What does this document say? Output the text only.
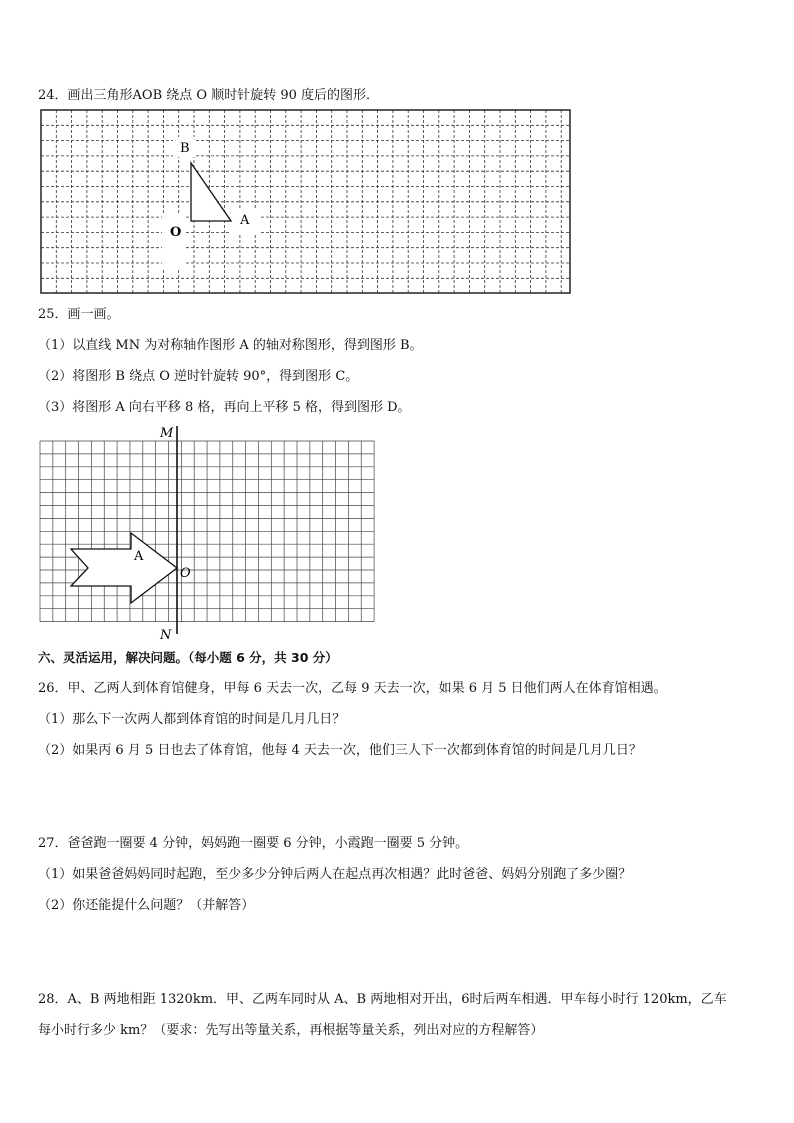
24．画出三角形AOB 绕点 O 顺时针旋转 90 度后的图形．
B
A
O
25．画一画。
（1）以直线 MN 为对称轴作图形 A 的轴对称图形，得到图形 B。
（2）将图形 B 绕点 O 逆时针旋转 90°，得到图形 C。
（3）将图形 A 向右平移 8 格，再向上平移 5 格，得到图形 D。
M
N
O
A
六、灵活运用，解决问题。（每小题 6 分，共 30 分）
26．甲、乙两人到体育馆健身，甲每 6 天去一次，乙每 9 天去一次，如果 6 月 5 日他们两人在体育馆相遇。
（1）那么下一次两人都到体育馆的时间是几月几日？
（2）如果丙 6 月 5 日也去了体育馆，他每 4 天去一次，他们三人下一次都到体育馆的时间是几月几日？
27．爸爸跑一圈要 4 分钟，妈妈跑一圈要 6 分钟，小霞跑一圈要 5 分钟。
（1）如果爸爸妈妈同时起跑，至少多少分钟后两人在起点再次相遇？此时爸爸、妈妈分别跑了多少圈？
（2）你还能提什么问题？（并解答）
28．A、B 两地相距 1320km．甲、乙两车同时从 A、B 两地相对开出，6时后两车相遇．甲车每小时行 120km，乙车
每小时行多少 km？（要求：先写出等量关系，再根据等量关系，列出对应的方程解答）
